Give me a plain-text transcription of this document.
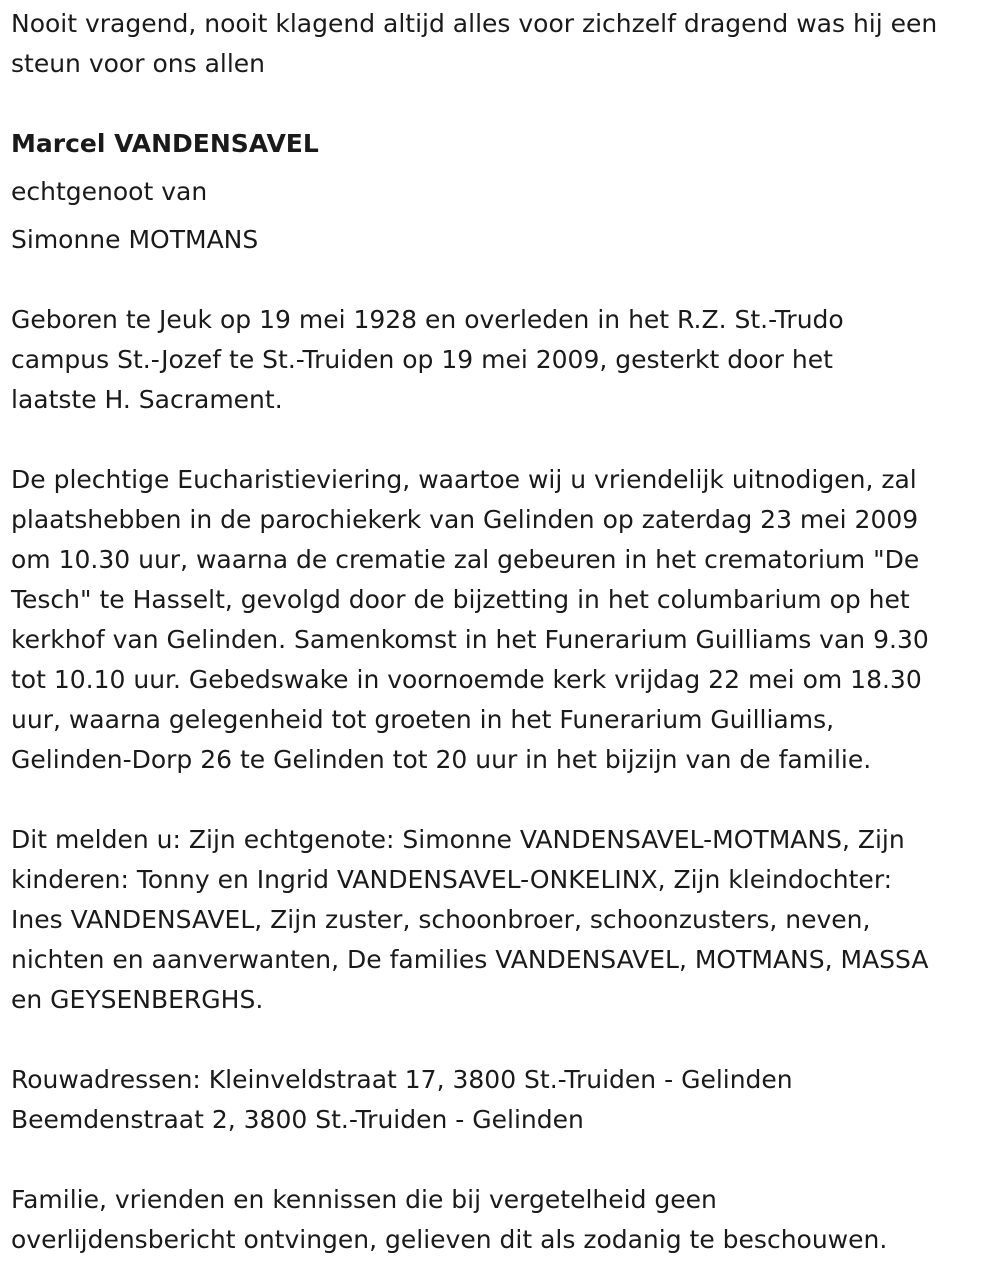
Nooit vragend, nooit klagend altijd alles voor zichzelf dragend was hij een
steun voor ons allen

Marcel VANDENSAVEL

echtgenoot van

Simonne MOTMANS

Geboren te Jeuk op 19 mei 1928 en overleden in het R.Z. St.-Trudo
campus St.-Jozef te St.-Truiden op 19 mei 2009, gesterkt door het
laatste H. Sacrament.

De plechtige Eucharistieviering, waartoe wij u vriendelijk uitnodigen, zal
plaatshebben in de parochiekerk van Gelinden op zaterdag 23 mei 2009
om 10.30 uur, waarna de crematie zal gebeuren in het crematorium "De
Tesch" te Hasselt, gevolgd door de bijzetting in het columbarium op het
kerkhof van Gelinden. Samenkomst in het Funerarium Guilliams van 9.30
tot 10.10 uur. Gebedswake in voornoemde kerk vrijdag 22 mei om 18.30
uur, waarna gelegenheid tot groeten in het Funerarium Guilliams,
Gelinden-Dorp 26 te Gelinden tot 20 uur in het bijzijn van de familie.

Dit melden u: Zijn echtgenote: Simonne VANDENSAVEL-MOTMANS, Zijn
kinderen: Tonny en Ingrid VANDENSAVEL-ONKELINX, Zijn kleindochter:
Ines VANDENSAVEL, Zijn zuster, schoonbroer, schoonzusters, neven,
nichten en aanverwanten, De families VANDENSAVEL, MOTMANS, MASSA
en GEYSENBERGHS.

Rouwadressen: Kleinveldstraat 17, 3800 St.-Truiden - Gelinden
Beemdenstraat 2, 3800 St.-Truiden - Gelinden

Familie, vrienden en kennissen die bij vergetelheid geen
overlijdensbericht ontvingen, gelieven dit als zodanig te beschouwen.
